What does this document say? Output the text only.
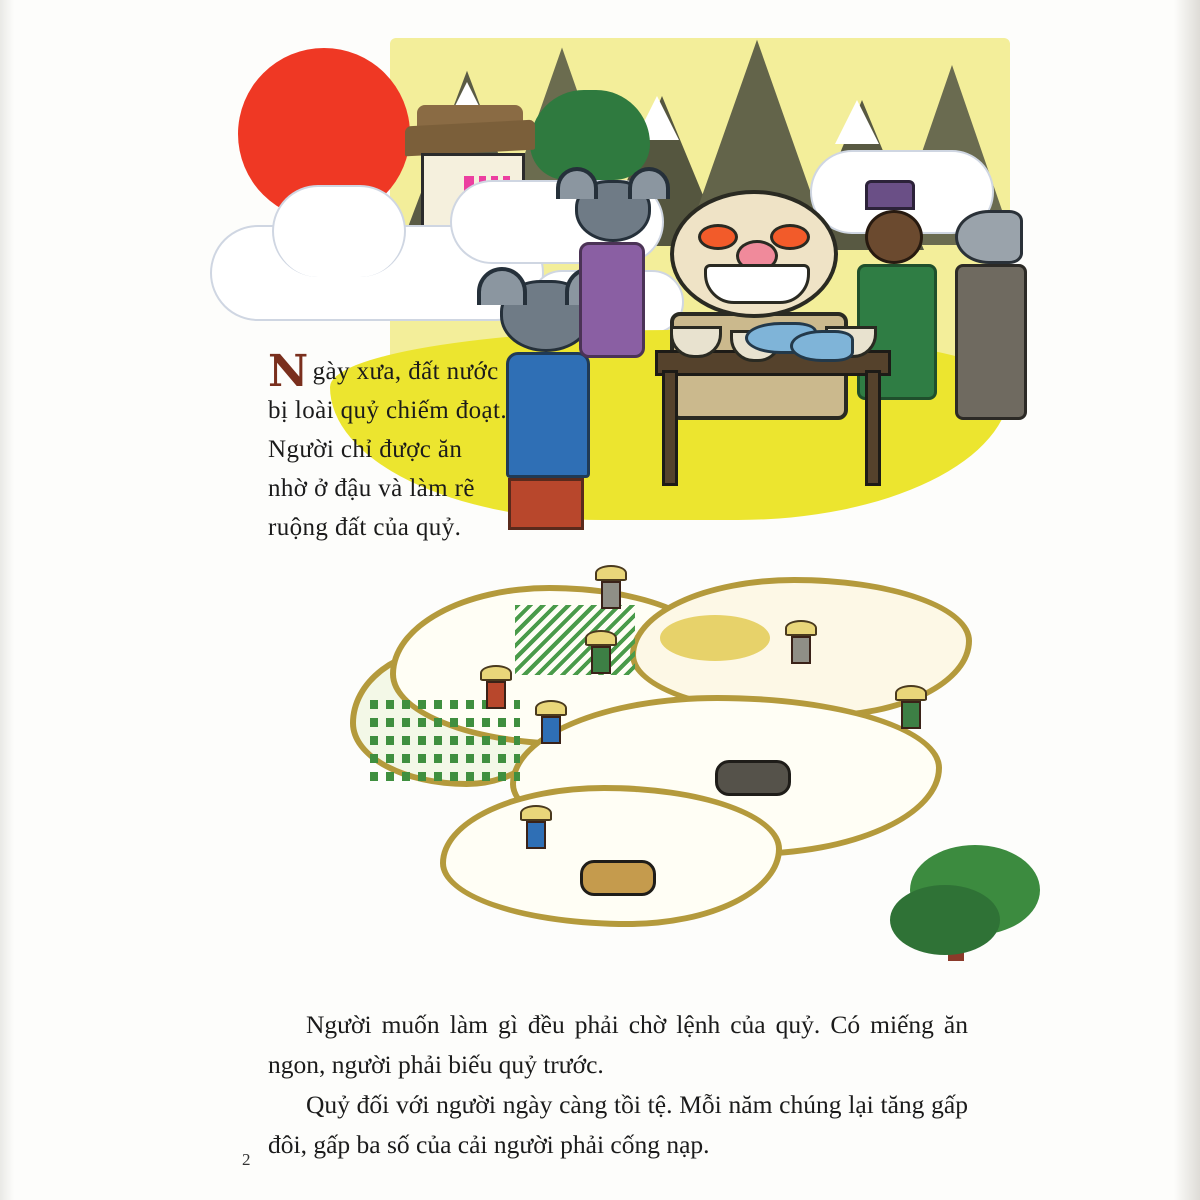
Ngày xưa, đất nước bị loài quỷ chiếm đoạt. Người chỉ được ăn nhờ ở đậu và làm rẽ ruộng đất của quỷ.

Người muốn làm gì đều phải chờ lệnh của quỷ. Có miếng ăn ngon, người phải biếu quỷ trước.

Quỷ đối với người ngày càng tồi tệ. Mỗi năm chúng lại tăng gấp đôi, gấp ba số của cải người phải cống nạp.

2
